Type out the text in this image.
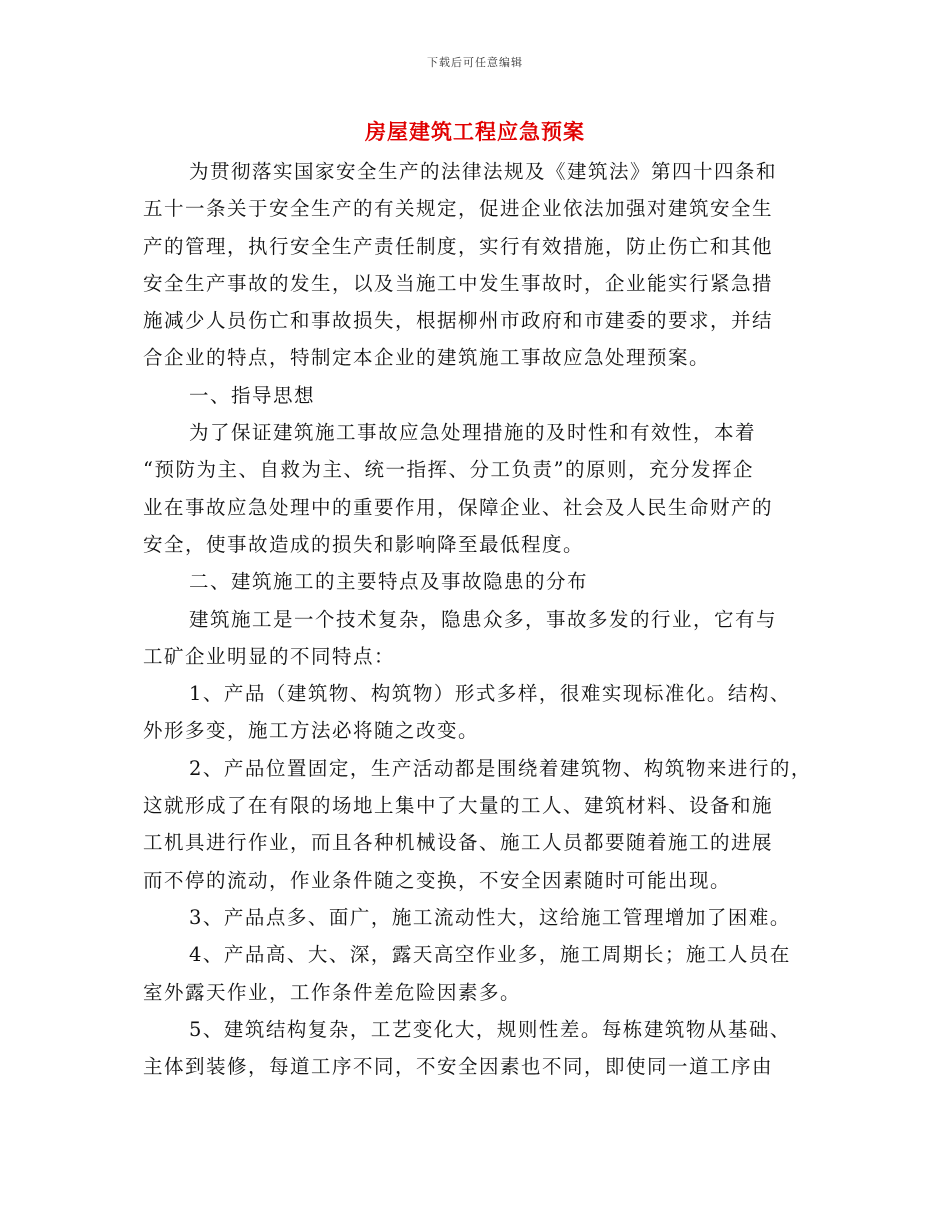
下载后可任意编辑
房屋建筑工程应急预案
为贯彻落实国家安全生产的法律法规及《建筑法》第四十四条和
五十一条关于安全生产的有关规定，促进企业依法加强对建筑安全生
产的管理，执行安全生产责任制度，实行有效措施，防止伤亡和其他
安全生产事故的发生，以及当施工中发生事故时，企业能实行紧急措
施减少人员伤亡和事故损失，根据柳州市政府和市建委的要求，并结
合企业的特点，特制定本企业的建筑施工事故应急处理预案。
一、指导思想
为了保证建筑施工事故应急处理措施的及时性和有效性，本着
“预防为主、自救为主、统一指挥、分工负责”的原则，充分发挥企
业在事故应急处理中的重要作用，保障企业、社会及人民生命财产的
安全，使事故造成的损失和影响降至最低程度。
二、建筑施工的主要特点及事故隐患的分布
建筑施工是一个技术复杂，隐患众多，事故多发的行业，它有与
工矿企业明显的不同特点：
1、产品（建筑物、构筑物）形式多样，很难实现标准化。结构、
外形多变，施工方法必将随之改变。
2、产品位置固定，生产活动都是围绕着建筑物、构筑物来进行的，
这就形成了在有限的场地上集中了大量的工人、建筑材料、设备和施
工机具进行作业，而且各种机械设备、施工人员都要随着施工的进展
而不停的流动，作业条件随之变换，不安全因素随时可能出现。
3、产品点多、面广，施工流动性大，这给施工管理增加了困难。
4、产品高、大、深，露天高空作业多，施工周期长；施工人员在
室外露天作业，工作条件差危险因素多。
5、建筑结构复杂，工艺变化大，规则性差。每栋建筑物从基础、
主体到装修，每道工序不同，不安全因素也不同，即使同一道工序由
